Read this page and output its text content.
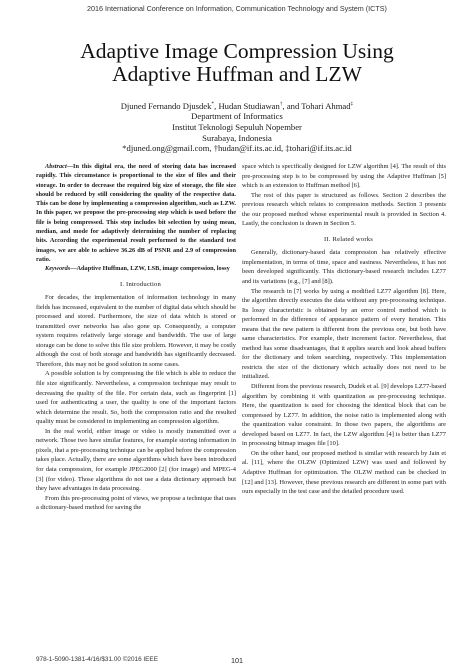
2016 International Conference on Information, Communication Technology and System (ICTS)
Adaptive Image Compression Using
Adaptive Huffman and LZW
Djuned Fernando Djusdek*, Hudan Studiawan†, and Tohari Ahmad‡
Department of Informatics
Institut Teknologi Sepuluh Nopember
Surabaya, Indonesia
*djuned.ong@gmail.com, †hudan@if.its.ac.id, ‡tohari@if.its.ac.id

Abstract—In this digital era, the need of storing data has increased rapidly. This circumstance is proportional to the size of files and their storage. In order to decrease the required big size of storage, the file size should be reduced by still considering the quality of the respective data. This can be done by implementing a compression algorithm, such as LZW. In this paper, we propose the pre-processing step which is used before the file is being compressed. This step includes bit selection by using mean, median, and mode for adaptively determining the number of replacing bits. According the experimental result performed to the standard test images, we are able to achieve 36.26 dB of PSNR and 2.9 of compression ratio.

Keywords—Adaptive Huffman, LZW, LSB, image compression, lossy

I. Introduction

For decades, the implementation of information technology in many fields has increased, equivalent to the number of digital data which should be processed and stored. Furthermore, the size of data which is stored or transmitted over networks has also gone up. Consequently, a computer system requires relatively large storage and bandwidth. The use of large storage can be done to solve this file size problem. However, it may be costly although the cost of both storage and bandwidth has significantly decreased. Therefore, this may not be good solution in some cases.

A possible solution is by compressing the file which is able to reduce the file size significantly. Nevertheless, a compression technique may result to decreasing the quality of the file. For certain data, such as fingerprint [1] used for authenticating a user, the quality is one of the important factors which determine the result. So, both the compression ratio and the resulted quality must be considered in implementing an compression algorithm.

In the real world, either image or video is mostly transmitted over a network. Those two have similar features, for example storing information in pixels, that a pre-processing technique can be applied before the compression takes place. Actually, there are some algorithms which have been introduced for data compression, for example JPEG2000 [2] (for image) and MPEG-4 [3] (for video). Those algorithms do not use a data dictionary approach but they have advantages in data processing.

From this pre-processing point of views, we propose a technique that uses a dictionary-based method for saving the

space which is specifically designed for LZW algorithm [4]. The result of this pre-processing step is to be compressed by using the Adaptive Huffman [5] which is an extension to Huffman method [6].

The rest of this paper is structured as follows. Section 2 describes the previous research which relates to compression methods. Section 3 presents the our proposed method whose experimental result is provided in Section 4. Lastly, the conclusion is drawn in Section 5.

II. Related works

Generally, dictionary-based data compression has relatively effective implementation, in terms of time, space and easiness. Nevertheless, it has not been developed significantly. This dictionary-based research includes LZ77 and its variations (e.g., [7] and [8]).

The research in [7] works by using a modified LZ77 algorithm [8]. Here, the algorithm directly executes the data without any pre-processing technique. Its lossy characteristic is obtained by an error control method which is performed in the difference of appearance pattern of every iteration. This means that the new pattern is different from the previous one, but both have same characteristics. For example, their increment factor. Nevertheless, that method has some disadvantages, that it applies search and look ahead buffers for the dictionary and token searching, respectively. This implementation restricts the size of the dictionary which actually does not need to be initialized.

Different from the previous research, Dudek et al. [9] develops LZ77-based algorithm by combining it with quantization as pre-processing technique. Here, the quantization is used for choosing the identical block that can be compressed by LZ77. In addition, the noise ratio is implemented along with the quantization value constraint. In those two papers, the algorithms are developed based on LZ77. In fact, the LZW algorithm [4] is better than LZ77 in processing bitmap images file [10].

On the other hand, our proposed method is similar with research by Jain et al. [11], where the OLZW (Optimized LZW) was used and followed by Adaptive Huffman for optimization. The OLZW method can be checked in [12] and [13]. However, these previous research are different in some part with ours especially in the test case and the detailed procedure used.

978-1-5090-1381-4/16/$31.00 ©2016 IEEE	101
